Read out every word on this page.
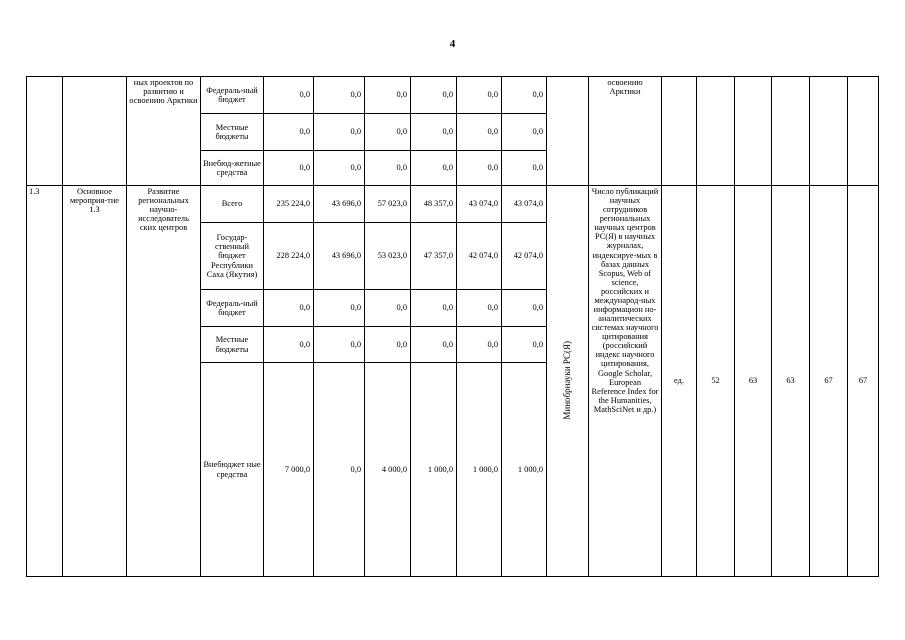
4
		ных проектов по развитию и освоению Арктики	Федераль-ный бюджет	0,0	0,0	0,0	0,0	0,0	0,0		освоению Арктики						
			Местные бюджеты	0,0	0,0	0,0	0,0	0,0	0,0								
			Внебюд-жетные средства	0,0	0,0	0,0	0,0	0,0	0,0								
1.3	Основное мероприя-тие 1.3	Развитие региональных научно-исследователь ских центров	Всего	235 224,0	43 696,0	57 023,0	48 357,0	43 074,0	43 074,0	Минобрнауки РС(Я)	Число публикаций научных сотрудников региональных научных центров РС(Я) в научных журналах, индексируе-мых в базах данных Scopus, Web of science, российских и международ-ных информацион но-аналитических системах научного цитирования (российский индекс научного цитирования, Google Scholar, European Reference Index for the Humanities, MathSciNet и др.)	ед.	52	63	63	67	67
			Государ-ственный бюджет Республики Саха (Якутия)	228 224,0	43 696,0	53 023,0	47 357,0	42 074,0	42 074,0								
			Федераль-ный бюджет	0,0	0,0	0,0	0,0	0,0	0,0								
			Местные бюджеты	0,0	0,0	0,0	0,0	0,0	0,0								
			Внебюджет ные средства	7 000,0	0,0	4 000,0	1 000,0	1 000,0	1 000,0								
